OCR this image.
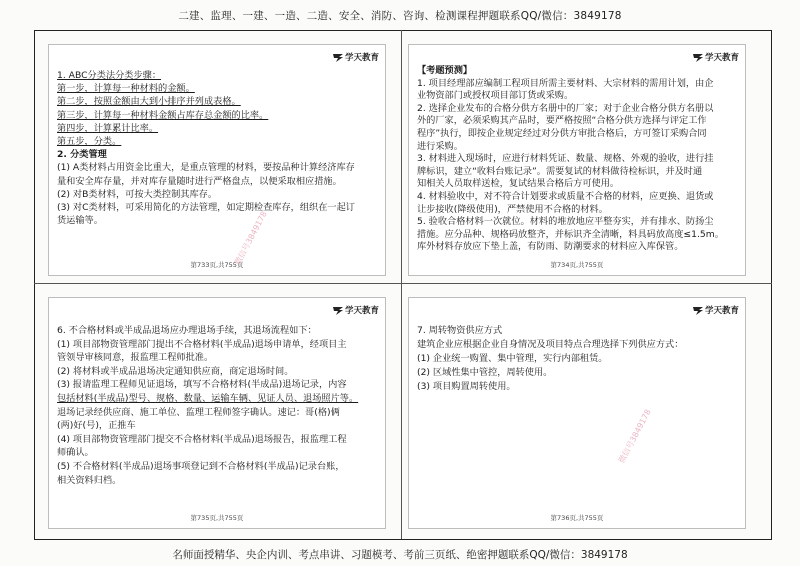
二建、监理、一建、一造、二造、安全、消防、咨询、检测课程押题联系QQ/微信：3849178
学天教育

1. ABC分类法分类步骤：

第一步，计算每一种材料的金额。

第二步，按照金额由大到小排序并列成表格。

第三步，计算每一种材料金额占库存总金额的比率。

第四步，计算累计比率。

第五步，分类。

2. 分类管理

(1) A类材料占用资金比重大，是重点管理的材料，要按品种计算经济库存

量和安全库存量，并对库存量随时进行严格盘点，以便采取相应措施。

(2) 对B类材料，可按大类控制其库存。

(3) 对C类材料，可采用简化的方法管理，如定期检查库存，组织在一起订

货运输等。

第733页,共755页
学天教育

【考题预测】

1. 项目经理部应编制工程项目所需主要材料、大宗材料的需用计划，由企

业物资部门或授权项目部订货或采购。

2. 选择企业发布的合格分供方名册中的厂家；对于企业合格分供方名册以

外的厂家，必须采购其产品时，要严格按照“合格分供方选择与评定工作

程序”执行，即按企业规定经过对分供方审批合格后，方可签订采购合同

进行采购。

3. 材料进入现场时，应进行材料凭证、数量、规格、外观的验收，进行挂

牌标识，建立“收料台账记录”。需要复试的材料做待检标识，并及时通

知相关人员取样送检，复试结果合格后方可使用。

4. 材料验收中，对不符合计划要求或质量不合格的材料，应更换、退货或

让步接收(降级使用)，严禁使用不合格的材料。

5. 验收合格材料一次就位。材料的堆放地应平整夯实，并有排水、防扬尘

措施。应分品种、规格码放整齐，并标识齐全清晰，料具码放高度≤1.5m。

库外材料存放应下垫上盖，有防雨、防潮要求的材料应入库保管。

第734页,共755页
学天教育

6. 不合格材料或半成品退场应办理退场手续，其退场流程如下：

(1) 项目部物资管理部门提出不合格材料(半成品)退场申请单，经项目主

管领导审核同意，报监理工程师批准。

(2) 将材料或半成品退场决定通知供应商，商定退场时间。

(3) 报请监理工程师见证退场，填写不合格材料(半成品)退场记录，内容

包括材料(半成品)型号、规格、数量、运输车辆、见证人员、退场照片等。

退场记录经供应商、施工单位、监理工程师签字确认。速记：哥(格)俩

(两)好(号)，正推车

(4) 项目部物资管理部门提交不合格材料(半成品)退场报告，报监理工程

师确认。

(5) 不合格材料(半成品)退场事项登记到不合格材料(半成品)记录台账，

相关资料归档。

第735页,共755页
学天教育

7. 周转物资供应方式

建筑企业应根据企业自身情况及项目特点合理选择下列供应方式：

(1) 企业统一购置、集中管理，实行内部租赁。

(2) 区域性集中管控，周转使用。

(3) 项目购置周转使用。

第736页,共755页
微信号3849178
微信号3849178
名师面授精华、央企内训、考点串讲、习题模考、考前三页纸、绝密押题联系QQ/微信：3849178
